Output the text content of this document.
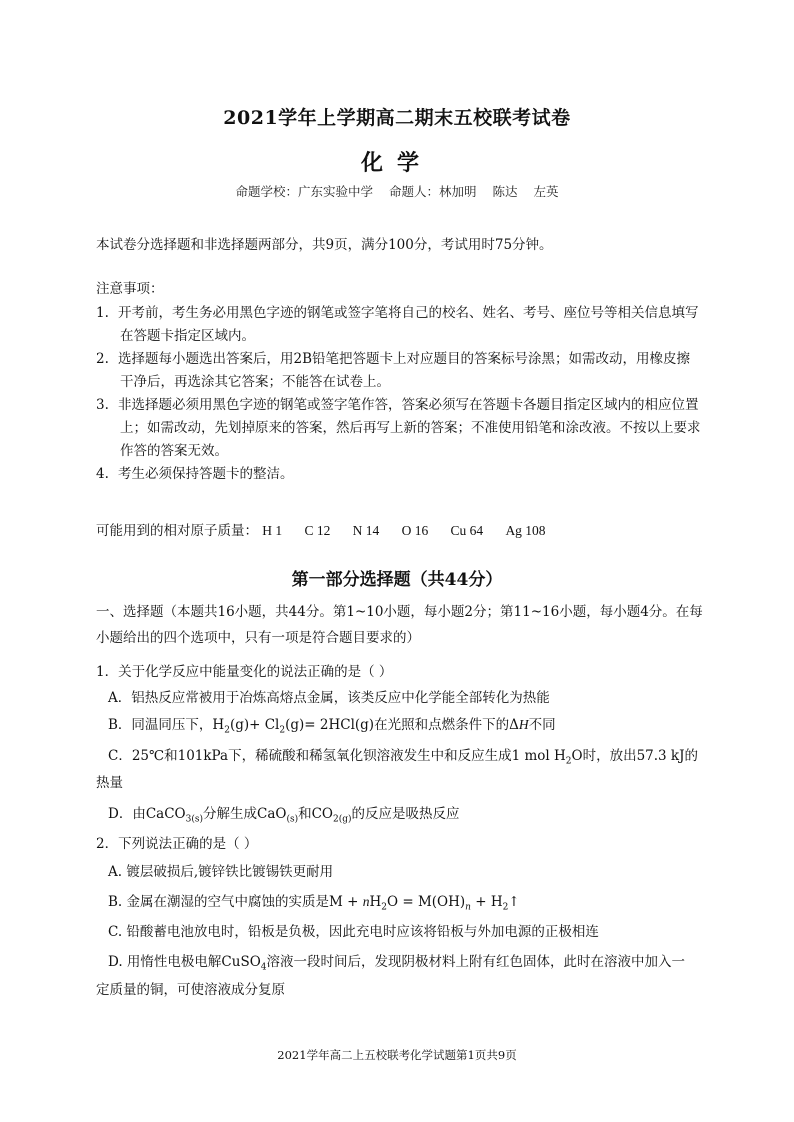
2021学年上学期高二期末五校联考试卷
化学
命题学校：广东实验中学 命题人：林加明 陈达 左英
本试卷分选择题和非选择题两部分，共9页，满分100分，考试用时75分钟。
注意事项：
1. 开考前，考生务必用黑色字迹的钢笔或签字笔将自己的校名、姓名、考号、座位号等相关信息填写在答题卡指定区域内。
2. 选择题每小题选出答案后，用2B铅笔把答题卡上对应题目的答案标号涂黑；如需改动，用橡皮擦干净后，再选涂其它答案；不能答在试卷上。
3. 非选择题必须用黑色字迹的钢笔或签字笔作答，答案必须写在答题卡各题目指定区域内的相应位置上；如需改动，先划掉原来的答案，然后再写上新的答案；不准使用铅笔和涂改液。不按以上要求作答的答案无效。
4. 考生必须保持答题卡的整洁。
可能用到的相对原子质量： H 1 C 12 N 14 O 16 Cu 64 Ag 108
第一部分选择题（共44分）
一、选择题（本题共16小题，共44分。第1~10小题，每小题2分；第11~16小题，每小题4分。在每小题给出的四个选项中，只有一项是符合题目要求的）
1．关于化学反应中能量变化的说法正确的是（ ）
A．铝热反应常被用于冶炼高熔点金属，该类反应中化学能全部转化为热能
B．同温同压下，$H_2(g)+ Cl_2(g)= 2HCl(g)$在光照和点燃条件下的ΔH不同
C．25℃和101kPa下，稀硫酸和稀氢氧化钡溶液发生中和反应生成1 mol $H_2O$时，放出57.3 kJ的
热量
D．由CaCO$_{3(s)}$分解生成CaO$_{(s)}$和$CO_{2(g)}$的反应是吸热反应
2．下列说法正确的是（ ）
A. 镀层破损后,镀锌铁比镀锡铁更耐用
B. 金属在潮湿的空气中腐蚀的实质是$M + nH_2O = M(OH)_n$ + $H_2↑$
C. 铅酸蓄电池放电时，铅板是负极，因此充电时应该将铅板与外加电源的正极相连
D. 用惰性电极电解CuSO$_4$溶液一段时间后，发现阴极材料上附有红色固体，此时在溶液中加入一
定质量的铜，可使溶液成分复原
2021学年高二上五校联考化学试题第1页共9页
